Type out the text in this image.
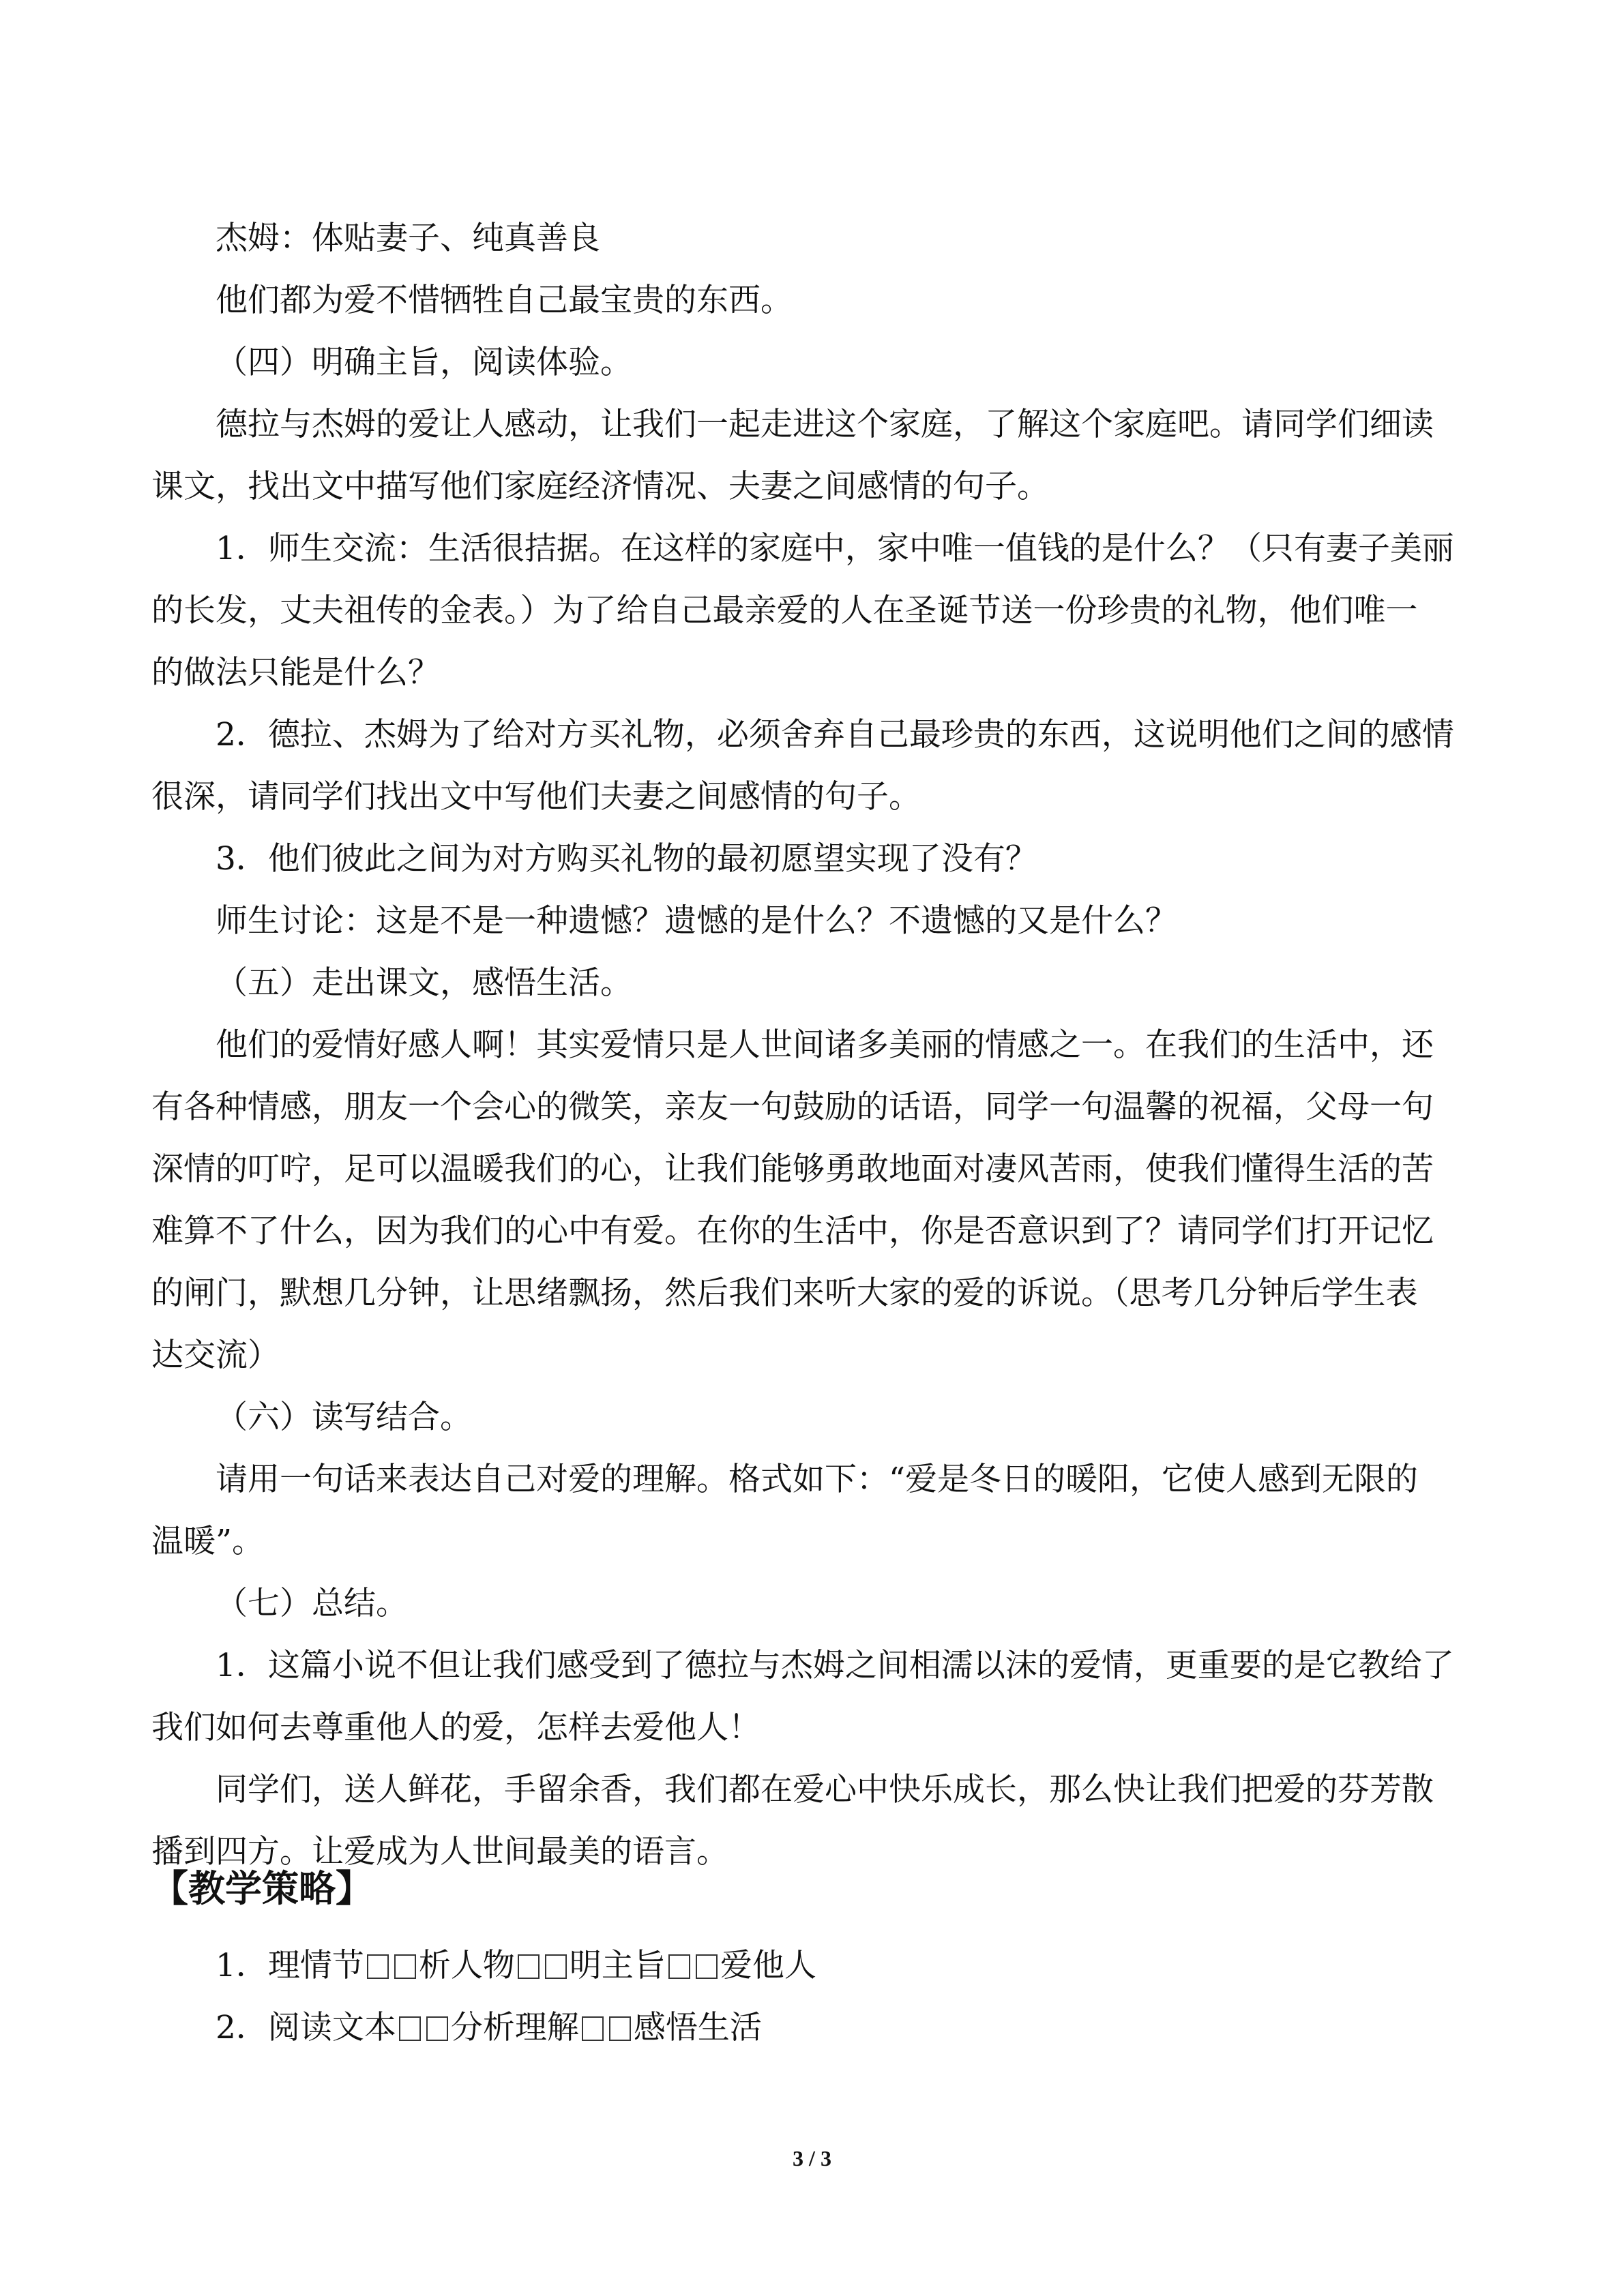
杰姆：体贴妻子、纯真善良

他们都为爱不惜牺牲自己最宝贵的东西。

（四）明确主旨，阅读体验。

德拉与杰姆的爱让人感动，让我们一起走进这个家庭，了解这个家庭吧。请同学们细读

课文，找出文中描写他们家庭经济情况、夫妻之间感情的句子。

1．师生交流：生活很拮据。在这样的家庭中，家中唯一值钱的是什么？（只有妻子美丽

的长发，丈夫祖传的金表。）为了给自己最亲爱的人在圣诞节送一份珍贵的礼物，他们唯一

的做法只能是什么？

2．德拉、杰姆为了给对方买礼物，必须舍弃自己最珍贵的东西，这说明他们之间的感情

很深，请同学们找出文中写他们夫妻之间感情的句子。

3．他们彼此之间为对方购买礼物的最初愿望实现了没有？

师生讨论：这是不是一种遗憾？遗憾的是什么？不遗憾的又是什么？

（五）走出课文，感悟生活。

他们的爱情好感人啊！其实爱情只是人世间诸多美丽的情感之一。在我们的生活中，还

有各种情感，朋友一个会心的微笑，亲友一句鼓励的话语，同学一句温馨的祝福，父母一句

深情的叮咛，足可以温暖我们的心，让我们能够勇敢地面对凄风苦雨，使我们懂得生活的苦

难算不了什么，因为我们的心中有爱。在你的生活中，你是否意识到了？请同学们打开记忆

的闸门，默想几分钟，让思绪飘扬，然后我们来听大家的爱的诉说。（思考几分钟后学生表

达交流）

（六）读写结合。

请用一句话来表达自己对爱的理解。格式如下：“爱是冬日的暖阳，它使人感到无限的

温暖”。

（七）总结。

1．这篇小说不但让我们感受到了德拉与杰姆之间相濡以沫的爱情，更重要的是它教给了

我们如何去尊重他人的爱，怎样去爱他人！

同学们，送人鲜花，手留余香，我们都在爱心中快乐成长，那么快让我们把爱的芬芳散

播到四方。让爱成为人世间最美的语言。

【教学策略】

1．理情节 析人物 明主旨 爱他人

2．阅读文本 分析理解 感悟生活

3 / 3
